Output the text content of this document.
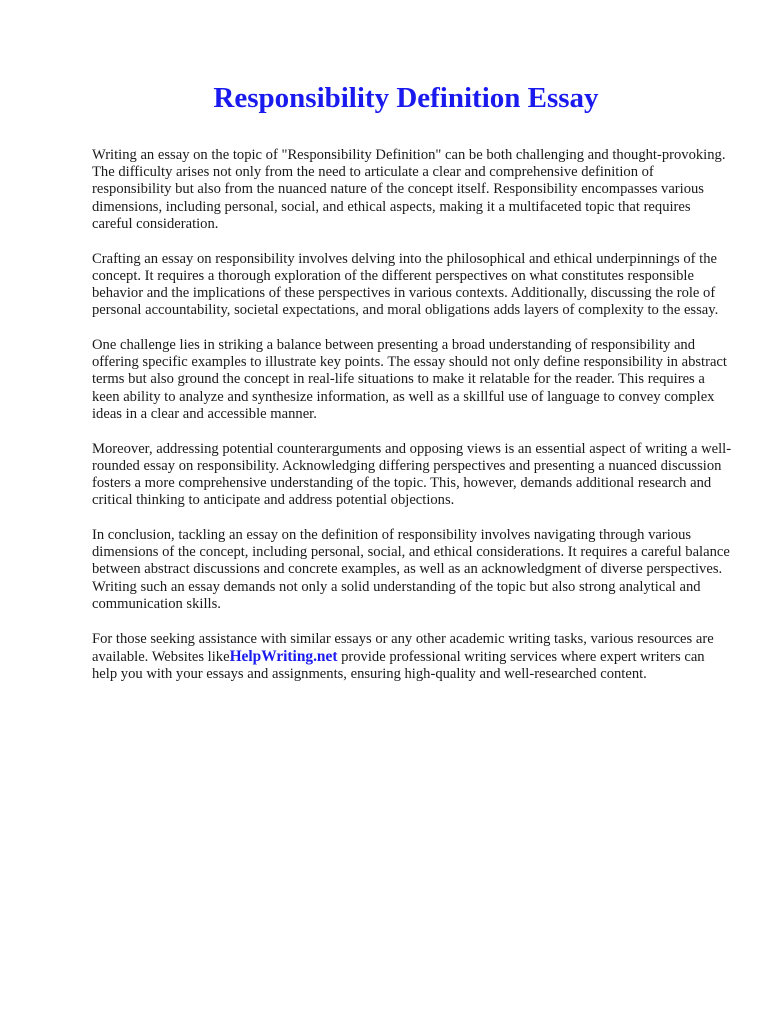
Responsibility Definition Essay

Writing an essay on the topic of "Responsibility Definition" can be both challenging and thought-provoking. The difficulty arises not only from the need to articulate a clear and comprehensive definition of responsibility but also from the nuanced nature of the concept itself. Responsibility encompasses various dimensions, including personal, social, and ethical aspects, making it a multifaceted topic that requires careful consideration.

Crafting an essay on responsibility involves delving into the philosophical and ethical underpinnings of the concept. It requires a thorough exploration of the different perspectives on what constitutes responsible behavior and the implications of these perspectives in various contexts. Additionally, discussing the role of personal accountability, societal expectations, and moral obligations adds layers of complexity to the essay.

One challenge lies in striking a balance between presenting a broad understanding of responsibility and offering specific examples to illustrate key points. The essay should not only define responsibility in abstract terms but also ground the concept in real-life situations to make it relatable for the reader. This requires a keen ability to analyze and synthesize information, as well as a skillful use of language to convey complex ideas in a clear and accessible manner.

Moreover, addressing potential counterarguments and opposing views is an essential aspect of writing a well-rounded essay on responsibility. Acknowledging differing perspectives and presenting a nuanced discussion fosters a more comprehensive understanding of the topic. This, however, demands additional research and critical thinking to anticipate and address potential objections.

In conclusion, tackling an essay on the definition of responsibility involves navigating through various dimensions of the concept, including personal, social, and ethical considerations. It requires a careful balance between abstract discussions and concrete examples, as well as an acknowledgment of diverse perspectives. Writing such an essay demands not only a solid understanding of the topic but also strong analytical and communication skills.

For those seeking assistance with similar essays or any other academic writing tasks, various resources are available. Websites likeHelpWriting.net provide professional writing services where expert writers can help you with your essays and assignments, ensuring high-quality and well-researched content.
